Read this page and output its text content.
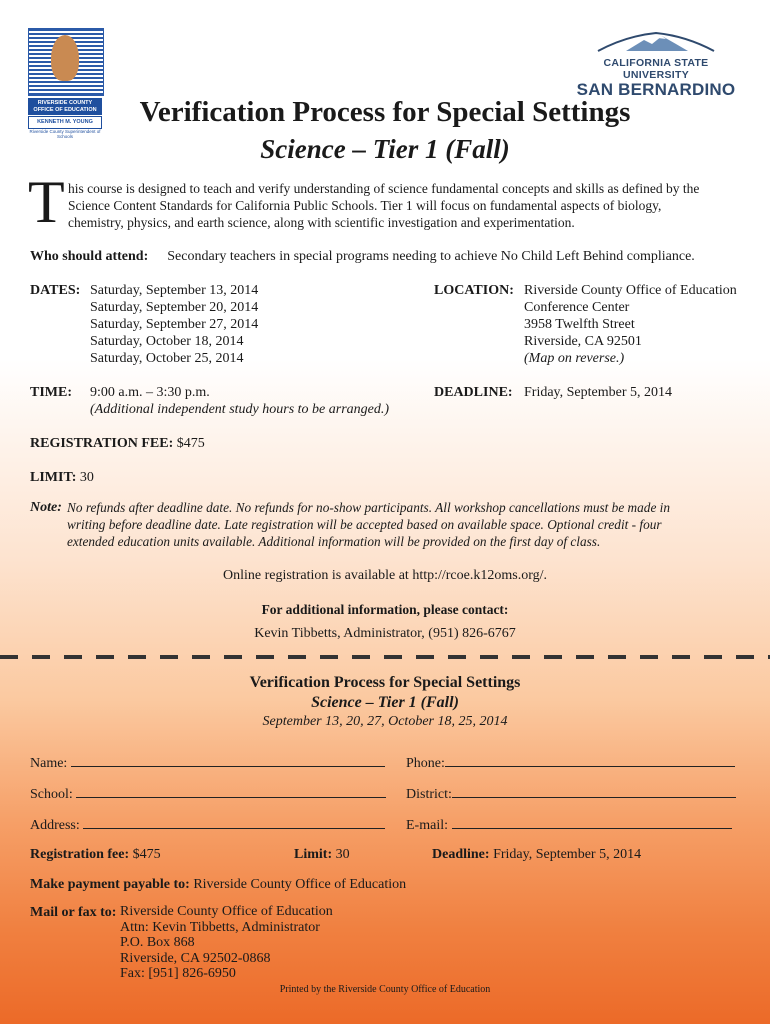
RIVERSIDE COUNTY
OFFICE OF EDUCATION
KENNETH M. YOUNG
Riverside County Superintendent of Schools
CALIFORNIA STATE UNIVERSITY
SAN BERNARDINO
Verification Process for Special Settings
Science – Tier 1 (Fall)
T his course is designed to teach and verify understanding of science fundamental concepts and skills as defined by the Science Content Standards for California Public Schools. Tier 1 will focus on fundamental aspects of biology, chemistry, physics, and earth science, along with scientific investigation and experimentation.
Who should attend: Secondary teachers in special programs needing to achieve No Child Left Behind compliance.
DATES: Saturday, September 13, 2014
Saturday, September 20, 2014
Saturday, September 27, 2014
Saturday, October 18, 2014
Saturday, October 25, 2014
LOCATION: Riverside County Office of Education
Conference Center
3958 Twelfth Street
Riverside, CA 92501
(Map on reverse.)
TIME: 9:00 a.m. – 3:30 p.m.
(Additional independent study hours to be arranged.)
DEADLINE: Friday, September 5, 2014
REGISTRATION FEE: $475
LIMIT: 30
Note: No refunds after deadline date. No refunds for no-show participants. All workshop cancellations must be made in
writing before deadline date. Late registration will be accepted based on available space. Optional credit - four
extended education units available. Additional information will be provided on the first day of class.
Online registration is available at http://rcoe.k12oms.org/.
For additional information, please contact:
Kevin Tibbetts, Administrator, (951) 826-6767
Verification Process for Special Settings
Science – Tier 1 (Fall)
September 13, 20, 27, October 18, 25, 2014
Name:	Phone:
School:	District:
Address:	E-mail:
Registration fee: $475	Limit: 30	Deadline: Friday, September 5, 2014
Make payment payable to: Riverside County Office of Education
Mail or fax to: Riverside County Office of Education
Attn: Kevin Tibbetts, Administrator
P.O. Box 868
Riverside, CA 92502-0868
Fax: [951] 826-6950
Printed by the Riverside County Office of Education
